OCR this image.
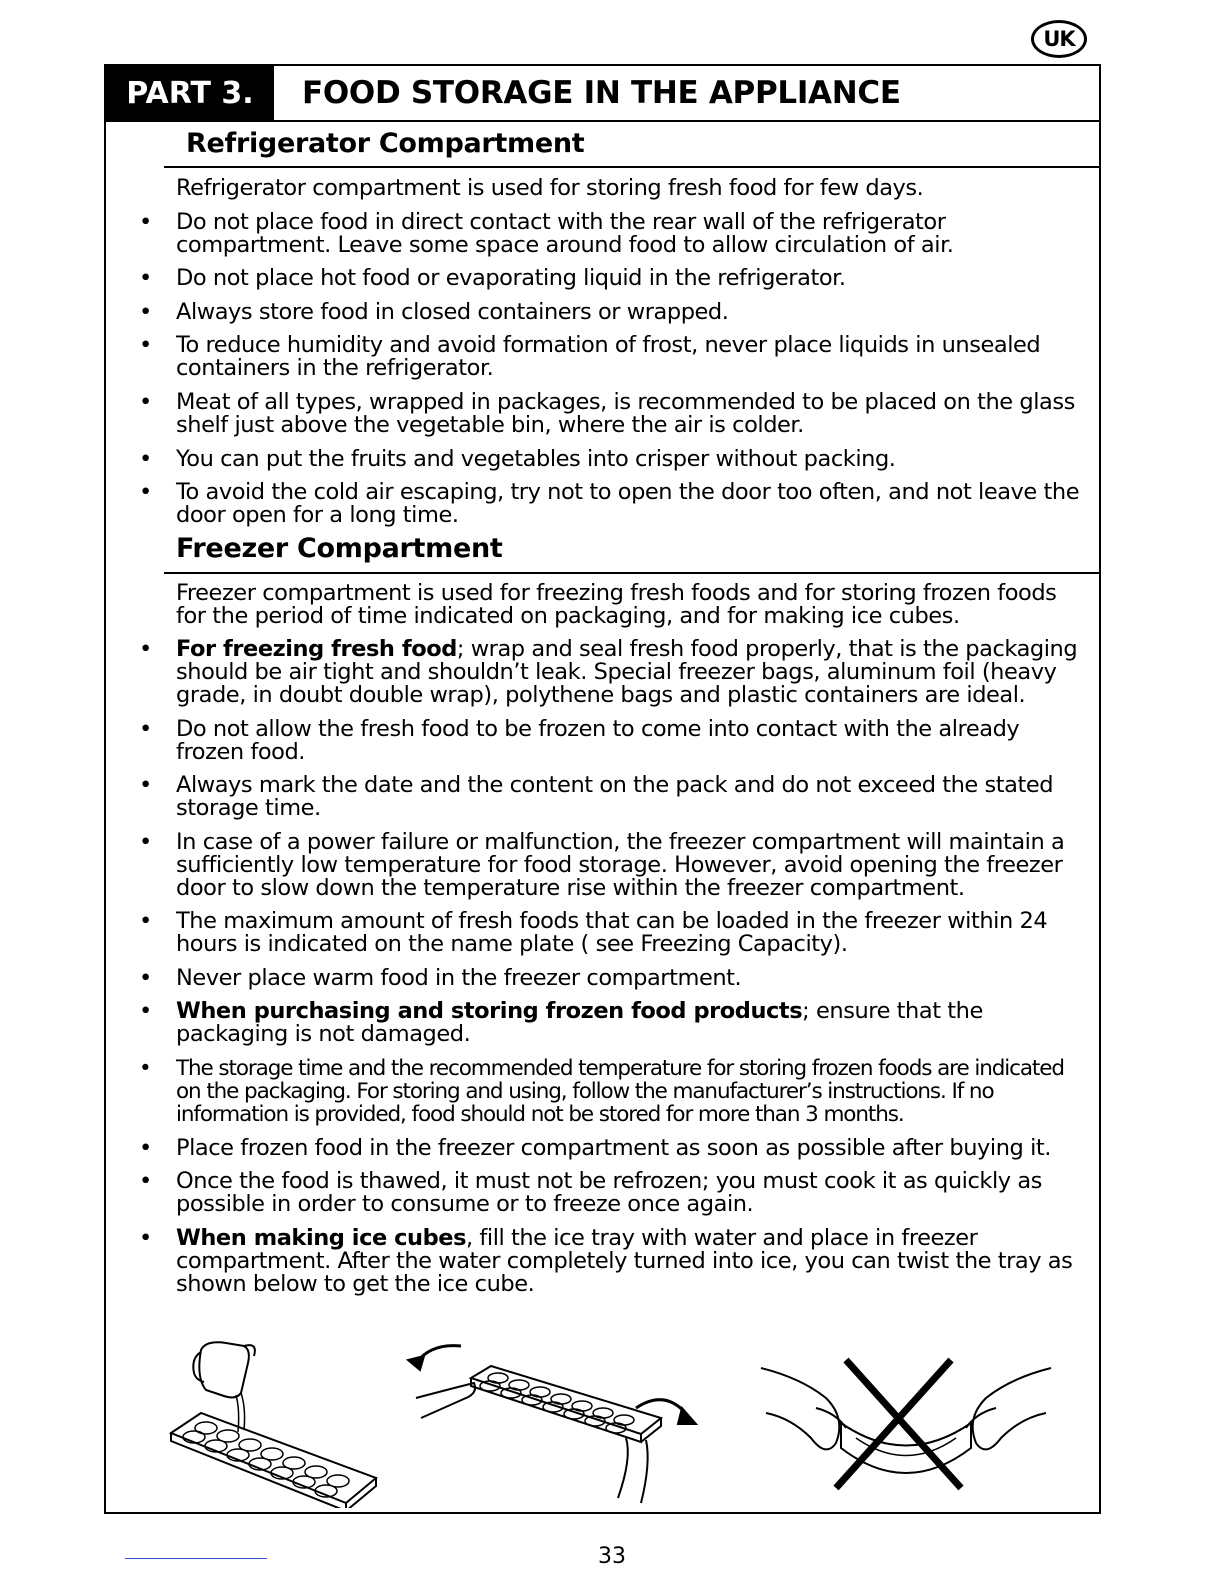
UK
PART 3.	FOOD STORAGE IN THE APPLIANCE
Refrigerator Compartment
Refrigerator compartment is used for storing fresh food for few days.
• Do not place food in direct contact with the rear wall of the refrigerator compartment. Leave some space around food to allow circulation of air.
• Do not place hot food or evaporating liquid in the refrigerator.
• Always store food in closed containers or wrapped.
• To reduce humidity and avoid formation of frost, never place liquids in unsealed containers in the refrigerator.
• Meat of all types, wrapped in packages, is recommended to be placed on the glass shelf just above the vegetable bin, where the air is colder.
• You can put the fruits and vegetables into crisper without packing.
• To avoid the cold air escaping, try not to open the door too often, and not leave the door open for a long time.
Freezer Compartment
Freezer compartment is used for freezing fresh foods and for storing frozen foods for the period of time indicated on packaging, and for making ice cubes.
• For freezing fresh food; wrap and seal fresh food properly, that is the packaging should be air tight and shouldn’t leak. Special freezer bags, aluminum foil (heavy grade, in doubt double wrap), polythene bags and plastic containers are ideal.
• Do not allow the fresh food to be frozen to come into contact with the already frozen food.
• Always mark the date and the content on the pack and do not exceed the stated storage time.
• In case of a power failure or malfunction, the freezer compartment will maintain a sufficiently low temperature for food storage. However, avoid opening the freezer door to slow down the temperature rise within the freezer compartment.
• The maximum amount of fresh foods that can be loaded in the freezer within 24 hours is indicated on the name plate ( see Freezing Capacity).
• Never place warm food in the freezer compartment.
• When purchasing and storing frozen food products; ensure that the packaging is not damaged.
• The storage time and the recommended temperature for storing frozen foods are indicated on the packaging. For storing and using, follow the manufacturer’s instructions. If no information is provided, food should not be stored for more than 3 months.
• Place frozen food in the freezer compartment as soon as possible after buying it.
• Once the food is thawed, it must not be refrozen; you must cook it as quickly as possible in order to consume or to freeze once again.
• When making ice cubes, fill the ice tray with water and place in freezer compartment. After the water completely turned into ice, you can twist the tray as shown below to get the ice cube.
33
